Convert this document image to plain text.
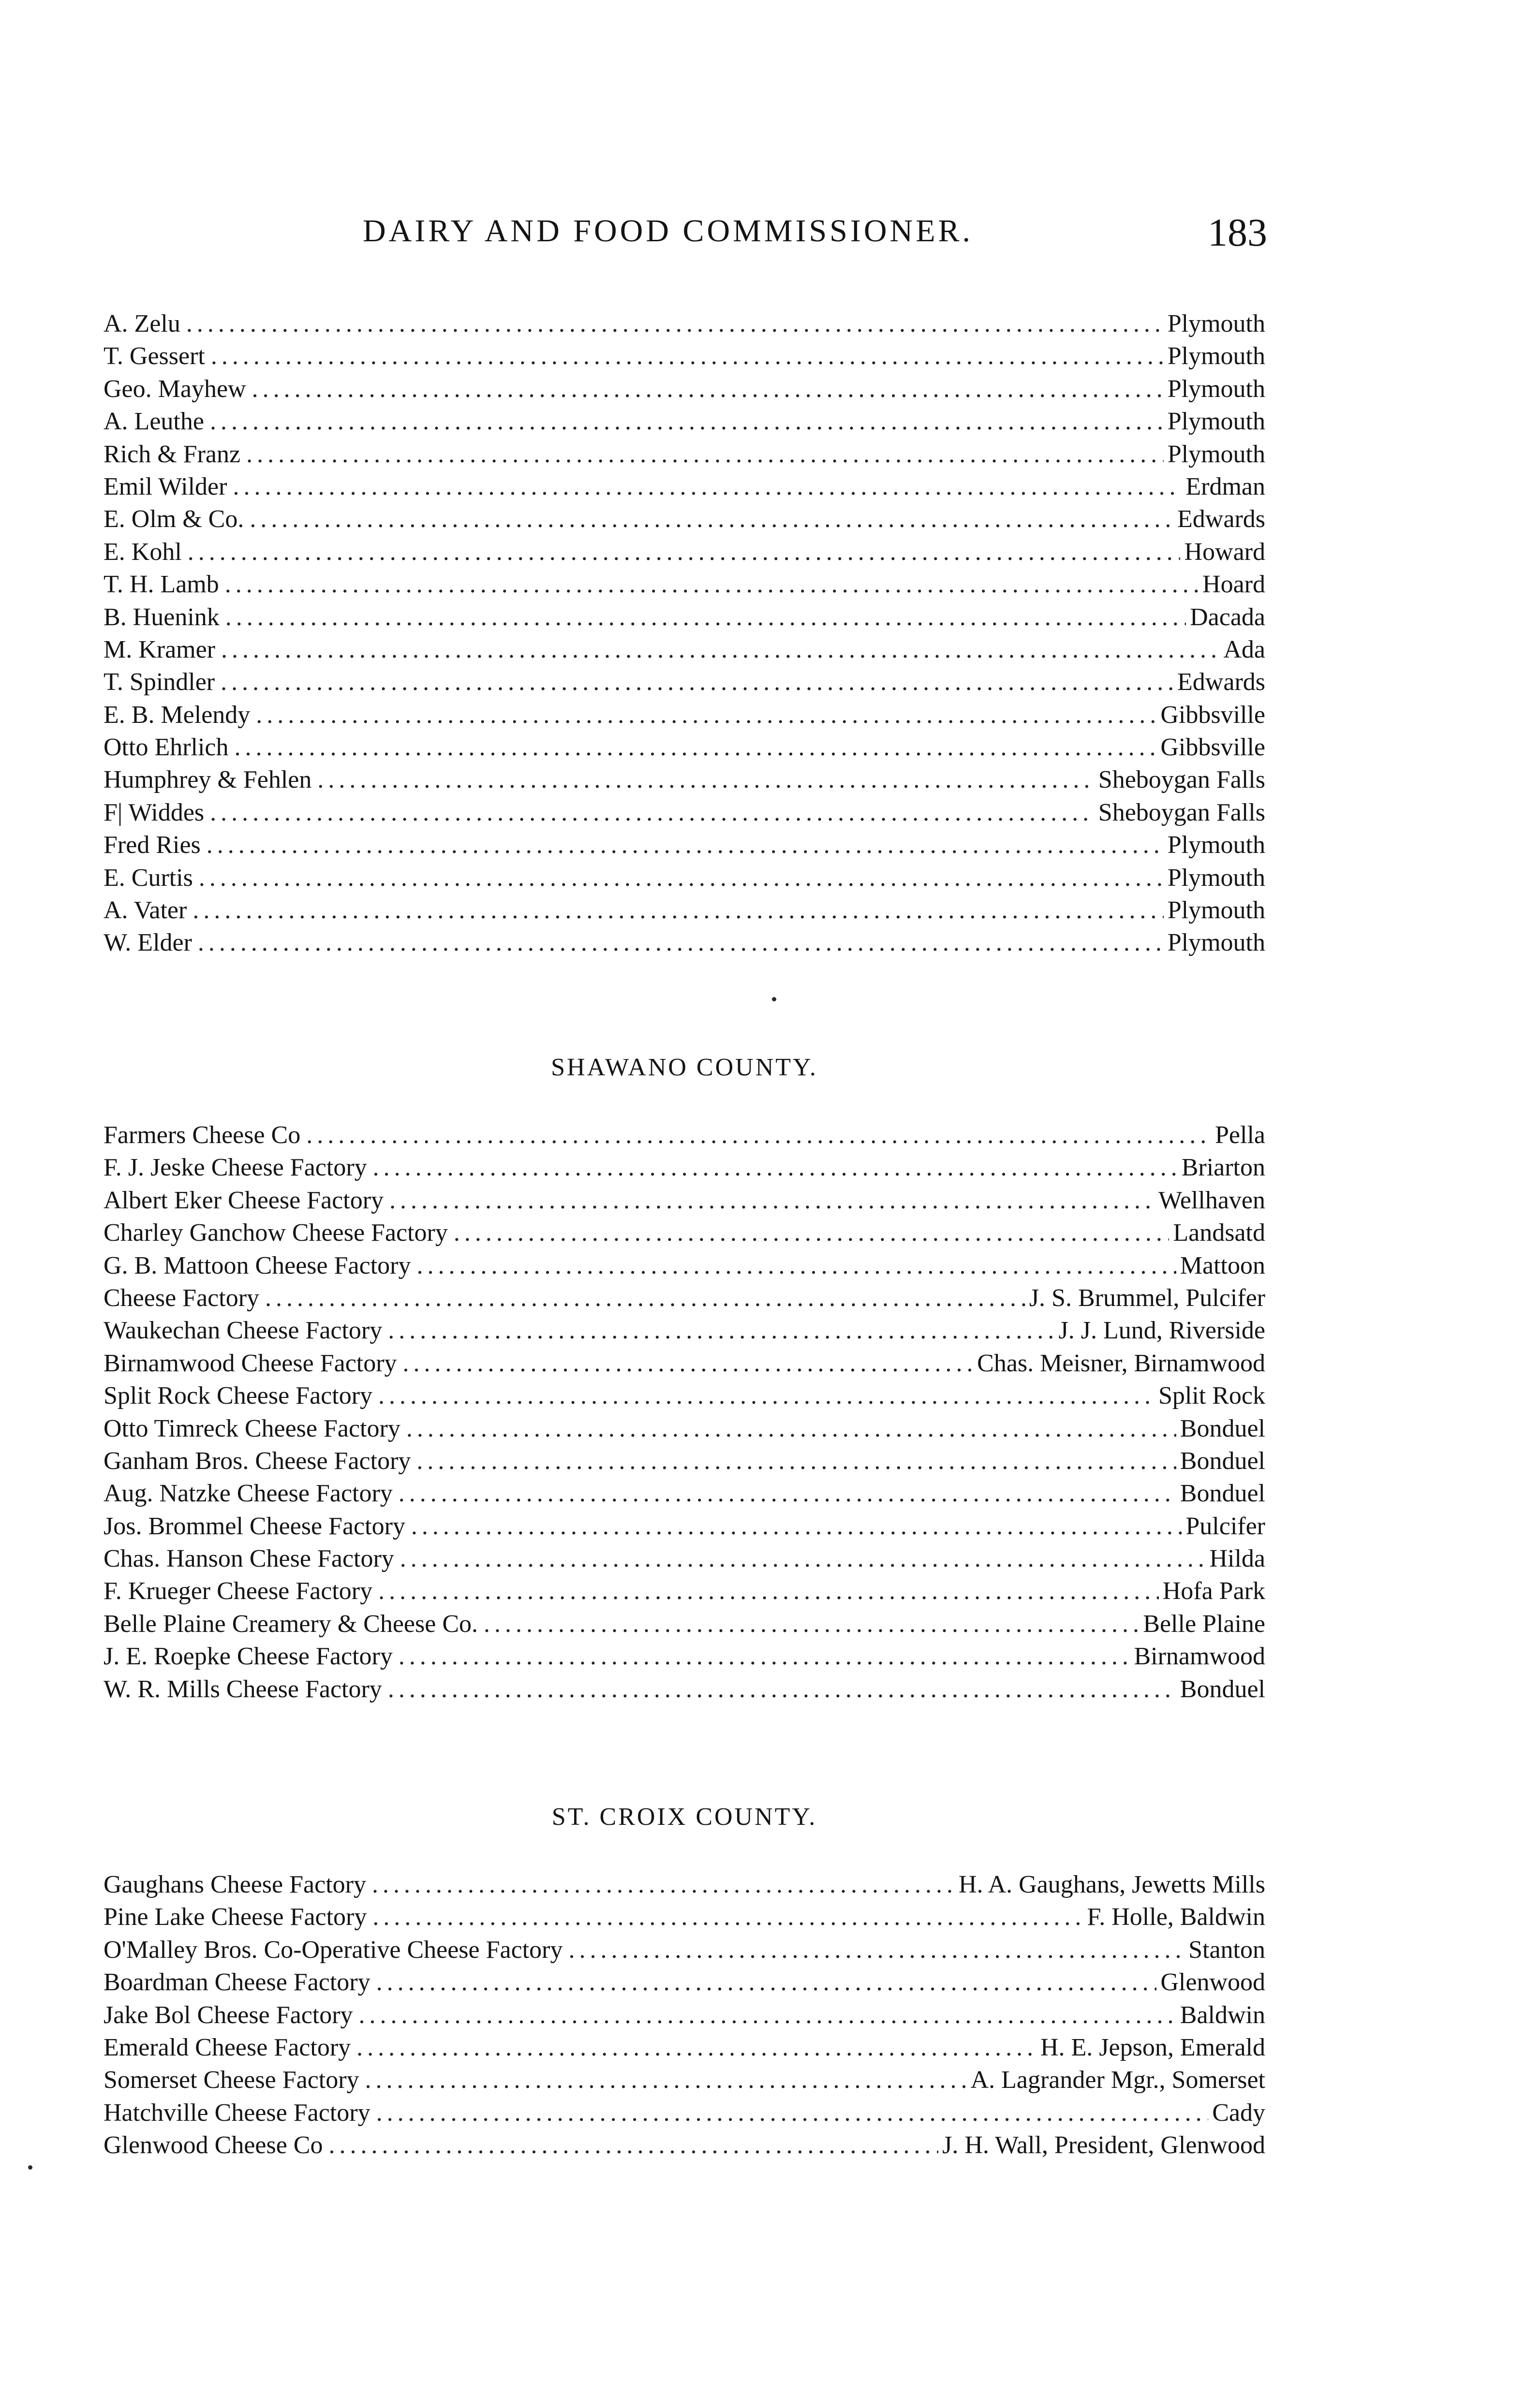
DAIRY AND FOOD COMMISSIONER.	183
A. Zelu . . .	Plymouth
T. Gessert . . .	Plymouth
Geo. Mayhew . . .	Plymouth
A. Leuthe . . .	Plymouth
Rich & Franz . . .	Plymouth
Emil Wilder . . .	Erdman
E. Olm & Co. . . .	Edwards
E. Kohl . . .	Howard
T. H. Lamb . . .	Hoard
B. Huenink . . .	Dacada
M. Kramer . . .	Ada
T. Spindler . . .	Edwards
E. B. Melendy . . .	Gibbsville
Otto Ehrlich . . .	Gibbsville
Humphrey & Fehlen . . .	Sheboygan Falls
F| Widdes . . .	Sheboygan Falls
Fred Ries . . .	Plymouth
E. Curtis . . .	Plymouth
A. Vater . . .	Plymouth
W. Elder . . .	Plymouth
SHAWANO COUNTY.
Farmers Cheese Co . . .	Pella
F. J. Jeske Cheese Factory . . .	Briarton
Albert Eker Cheese Factory . . .	Wellhaven
Charley Ganchow Cheese Factory . . .	Landsatd
G. B. Mattoon Cheese Factory . . .	Mattoon
Cheese Factory . . .	J. S. Brummel, Pulcifer
Waukechan Cheese Factory . . .	J. J. Lund, Riverside
Birnamwood Cheese Factory . . .	Chas. Meisner, Birnamwood
Split Rock Cheese Factory . . .	Split Rock
Otto Timreck Cheese Factory . . .	Bonduel
Ganham Bros. Cheese Factory . . .	Bonduel
Aug. Natzke Cheese Factory . . .	Bonduel
Jos. Brommel Cheese Factory . . .	Pulcifer
Chas. Hanson Chese Factory . . .	Hilda
F. Krueger Cheese Factory . . .	Hofa Park
Belle Plaine Creamery & Cheese Co. . . .	Belle Plaine
J. E. Roepke Cheese Factory . . .	Birnamwood
W. R. Mills Cheese Factory . . .	Bonduel
ST. CROIX COUNTY.
Gaughans Cheese Factory . . .	H. A. Gaughans, Jewetts Mills
Pine Lake Cheese Factory . . .	F. Holle, Baldwin
O'Malley Bros. Co-Operative Cheese Factory . . .	Stanton
Boardman Cheese Factory . . .	Glenwood
Jake Bol Cheese Factory . . .	Baldwin
Emerald Cheese Factory . . .	H. E. Jepson, Emerald
Somerset Cheese Factory . . .	A. Lagrander Mgr., Somerset
Hatchville Cheese Factory . . .	Cady
Glenwood Cheese Co . . .	J. H. Wall, President, Glenwood
